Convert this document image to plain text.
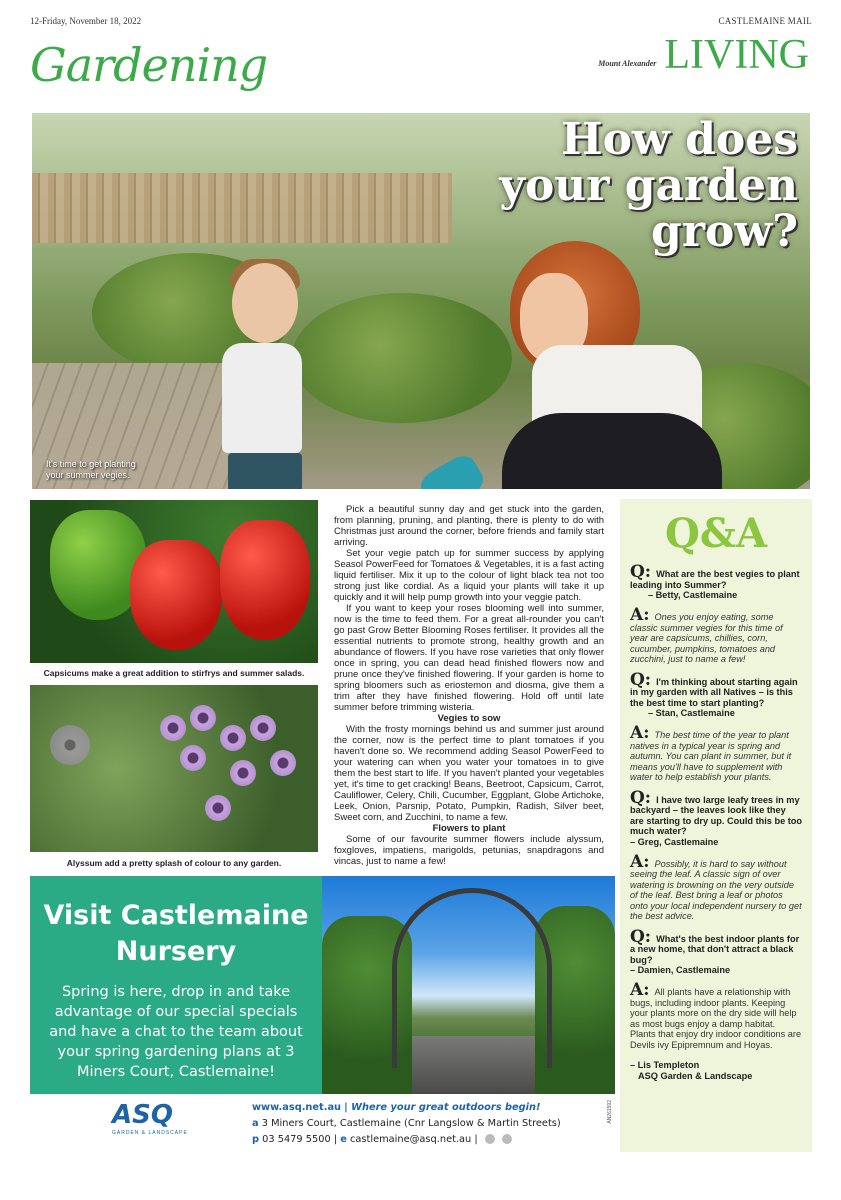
12-Friday, November 18, 2022	CASTLEMAINE MAIL
Gardening	Mount Alexander LIVING
How does your garden grow?
It's time to get planting
your summer vegies.
Capsicums make a great addition to stirfrys and summer salads.
Alyssum add a pretty splash of colour to any garden.

Pick a beautiful sunny day and get stuck into the garden, from planning, pruning, and planting, there is plenty to do with Christmas just around the corner, before friends and family start arriving.

Set your vegie patch up for summer success by applying Seasol PowerFeed for Tomatoes & Vegetables, it is a fast acting liquid fertiliser. Mix it up to the colour of light black tea not too strong just like cordial. As a liquid your plants will take it up quickly and it will help pump growth into your veggie patch.

If you want to keep your roses blooming well into summer, now is the time to feed them. For a great all-rounder you can't go past Grow Better Blooming Roses fertiliser. It provides all the essential nutrients to promote strong, healthy growth and an abundance of flowers. If you have rose varieties that only flower once in spring, you can dead head finished flowers now and prune once they've finished flowering. If your garden is home to spring bloomers such as eriostemon and diosma, give them a trim after they have finished flowering. Hold off until late summer before trimming wisteria.

Vegies to sow

With the frosty mornings behind us and summer just around the corner, now is the perfect time to plant tomatoes if you haven't done so. We recommend adding Seasol PowerFeed to your watering can when you water your tomatoes in to give them the best start to life. If you haven't planted your vegetables yet, it's time to get cracking! Beans, Beetroot, Capsicum, Carrot, Cauliflower, Celery, Chili, Cucumber, Eggplant, Globe Artichoke, Leek, Onion, Parsnip, Potato, Pumpkin, Radish, Silver beet, Sweet corn, and Zucchini, to name a few.

Flowers to plant

Some of our favourite summer flowers include alyssum, foxgloves, impatiens, marigolds, petunias, snapdragons and vincas, just to name a few!

Q&A
Q: What are the best vegies to plant leading into Summer?
– Betty, Castlemaine
A: Ones you enjoy eating, some classic summer vegies for this time of year are capsicums, chillies, corn, cucumber, pumpkins, tomatoes and zucchini, just to name a few!
Q: I'm thinking about starting again in my garden with all Natives – is this the best time to start planting?
– Stan, Castlemaine
A: The best time of the year to plant natives in a typical year is spring and autumn. You can plant in summer, but it means you'll have to supplement with water to help establish your plants.
Q: I have two large leafy trees in my backyard – the leaves look like they are starting to dry up. Could this be too much water?
– Greg, Castlemaine
A: Possibly, it is hard to say without seeing the leaf. A classic sign of over watering is browning on the very outside of the leaf. Best bring a leaf or photos onto your local independent nursery to get the best advice.
Q: What's the best indoor plants for a new home, that don't attract a black bug?
– Damien, Castlemaine
A: All plants have a relationship with bugs, including indoor plants. Keeping your plants more on the dry side will help as most bugs enjoy a damp habitat. Plants that enjoy dry indoor conditions are Devils ivy Epipremnum and Hoyas.
– Lis Templeton
ASQ Garden & Landscape
Visit Castlemaine Nursery
Spring is here, drop in and take advantage of our special specials and have a chat to the team about your spring gardening plans at 3 Miners Court, Castlemaine!
ASQ
GARDEN & LANDSCAPE
www.asq.net.au | Where your great outdoors begin!
a 3 Miners Court, Castlemaine (Cnr Langslow & Martin Streets)
p 03 5479 5500 | e castlemaine@asq.net.au |
AN261592
